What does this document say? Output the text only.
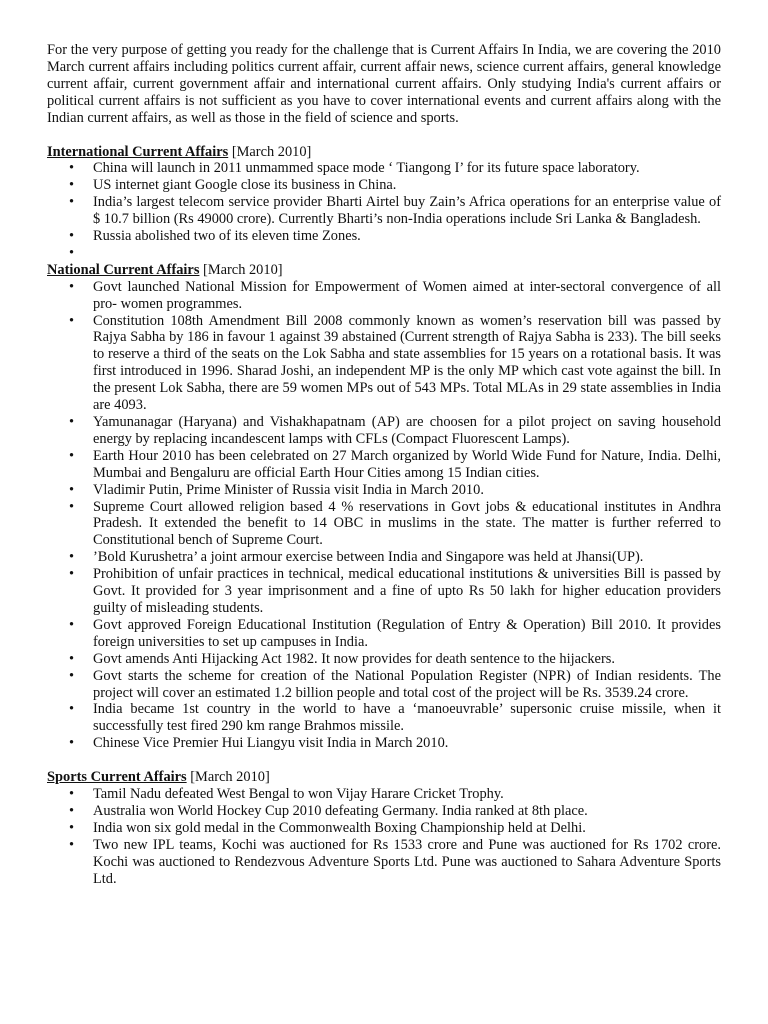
For the very purpose of getting you ready for the challenge that is Current Affairs In India, we are covering the 2010 March current affairs including politics current affair, current affair news, science current affairs, general knowledge current affair, current government affair and international current affairs. Only studying India's current affairs or political current affairs is not sufficient as you have to cover international events and current affairs along with the Indian current affairs, as well as those in the field of science and sports.

International Current Affairs [March 2010]
• China will launch in 2011 unmammed space mode ‘ Tiangong I’ for its future space laboratory.
• US internet giant Google close its business in China.
• India’s largest telecom service provider Bharti Airtel buy Zain’s Africa operations for an enterprise value of $ 10.7 billion (Rs 49000 crore). Currently Bharti’s non-India operations include Sri Lanka & Bangladesh.
• Russia abolished two of its eleven time Zones.
•
National Current Affairs [March 2010]
• Govt launched National Mission for Empowerment of Women aimed at inter-sectoral convergence of all pro- women programmes.
• Constitution 108th Amendment Bill 2008 commonly known as women’s reservation bill was passed by Rajya Sabha by 186 in favour 1 against 39 abstained (Current strength of Rajya Sabha is 233). The bill seeks to reserve a third of the seats on the Lok Sabha and state assemblies for 15 years on a rotational basis. It was first introduced in 1996. Sharad Joshi, an independent MP is the only MP which cast vote against the bill. In the present Lok Sabha, there are 59 women MPs out of 543 MPs. Total MLAs in 29 state assemblies in India are 4093.
• Yamunanagar (Haryana) and Vishakhapatnam (AP) are choosen for a pilot project on saving household energy by replacing incandescent lamps with CFLs (Compact Fluorescent Lamps).
• Earth Hour 2010 has been celebrated on 27 March organized by World Wide Fund for Nature, India. Delhi, Mumbai and Bengaluru are official Earth Hour Cities among 15 Indian cities.
• Vladimir Putin, Prime Minister of Russia visit India in March 2010.
• Supreme Court allowed religion based 4 % reservations in Govt jobs & educational institutes in Andhra Pradesh. It extended the benefit to 14 OBC in muslims in the state. The matter is further referred to Constitutional bench of Supreme Court.
• ’Bold Kurushetra’ a joint armour exercise between India and Singapore was held at Jhansi(UP).
• Prohibition of unfair practices in technical, medical educational institutions & universities Bill is passed by Govt. It provided for 3 year imprisonment and a fine of upto Rs 50 lakh for higher education providers guilty of misleading students.
• Govt approved Foreign Educational Institution (Regulation of Entry & Operation) Bill 2010. It provides foreign universities to set up campuses in India.
• Govt amends Anti Hijacking Act 1982. It now provides for death sentence to the hijackers.
• Govt starts the scheme for creation of the National Population Register (NPR) of Indian residents. The project will cover an estimated 1.2 billion people and total cost of the project will be Rs. 3539.24 crore.
• India became 1st country in the world to have a ‘manoeuvrable’ supersonic cruise missile, when it successfully test fired 290 km range Brahmos missile.
• Chinese Vice Premier Hui Liangyu visit India in March 2010.
Sports Current Affairs [March 2010]
• Tamil Nadu defeated West Bengal to won Vijay Harare Cricket Trophy.
• Australia won World Hockey Cup 2010 defeating Germany. India ranked at 8th place.
• India won six gold medal in the Commonwealth Boxing Championship held at Delhi.
• Two new IPL teams, Kochi was auctioned for Rs 1533 crore and Pune was auctioned for Rs 1702 crore. Kochi was auctioned to Rendezvous Adventure Sports Ltd. Pune was auctioned to Sahara Adventure Sports Ltd.
